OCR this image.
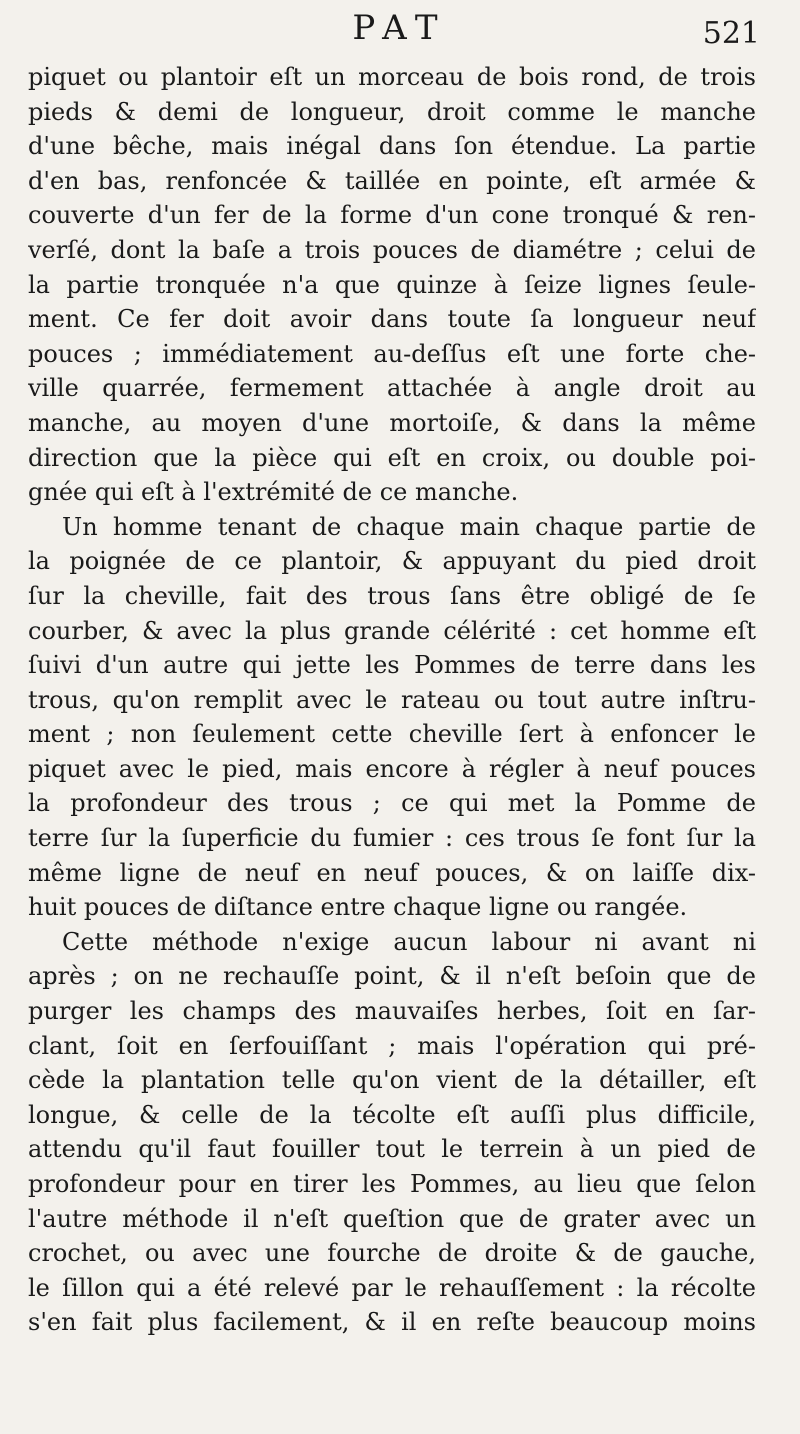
PAT	521
piquet ou plantoir eſt un morceau de bois rond, de trois
pieds & demi de longueur, droit comme le manche
d'une bêche, mais inégal dans ſon étendue. La partie
d'en bas, renfoncée & taillée en pointe, eſt armée &
couverte d'un fer de la forme d'un cone tronqué & ren-
verſé, dont la baſe a trois pouces de diamétre ; celui de
la partie tronquée n'a que quinze à ſeize lignes ſeule-
ment. Ce fer doit avoir dans toute ſa longueur neuf
pouces ; immédiatement au-deſſus eſt une forte che-
ville quarrée, fermement attachée à angle droit au
manche, au moyen d'une mortoiſe, & dans la même
direction que la pièce qui eſt en croix, ou double poi-
gnée qui eſt à l'extrémité de ce manche.
Un homme tenant de chaque main chaque partie de
la poignée de ce plantoir, & appuyant du pied droit
ſur la cheville, fait des trous ſans être obligé de ſe
courber, & avec la plus grande célérité : cet homme eſt
ſuivi d'un autre qui jette les Pommes de terre dans les
trous, qu'on remplit avec le rateau ou tout autre inſtru-
ment ; non ſeulement cette cheville ſert à enfoncer le
piquet avec le pied, mais encore à régler à neuf pouces
la profondeur des trous ; ce qui met la Pomme de
terre ſur la ſuperficie du fumier : ces trous ſe font ſur la
même ligne de neuf en neuf pouces, & on laiſſe dix-
huit pouces de diſtance entre chaque ligne ou rangée.
Cette méthode n'exige aucun labour ni avant ni
après ; on ne rechauſſe point, & il n'eſt beſoin que de
purger les champs des mauvaiſes herbes, ſoit en ſar-
clant, ſoit en ſerfouiſſant ; mais l'opération qui pré-
cède la plantation telle qu'on vient de la détailler, eſt
longue, & celle de la técolte eſt auſſi plus difficile,
attendu qu'il faut fouiller tout le terrein à un pied de
profondeur pour en tirer les Pommes, au lieu que ſelon
l'autre méthode il n'eſt queſtion que de grater avec un
crochet, ou avec une fourche de droite & de gauche,
le ſillon qui a été relevé par le rehauſſement : la récolte
s'en fait plus facilement, & il en reſte beaucoup moins
